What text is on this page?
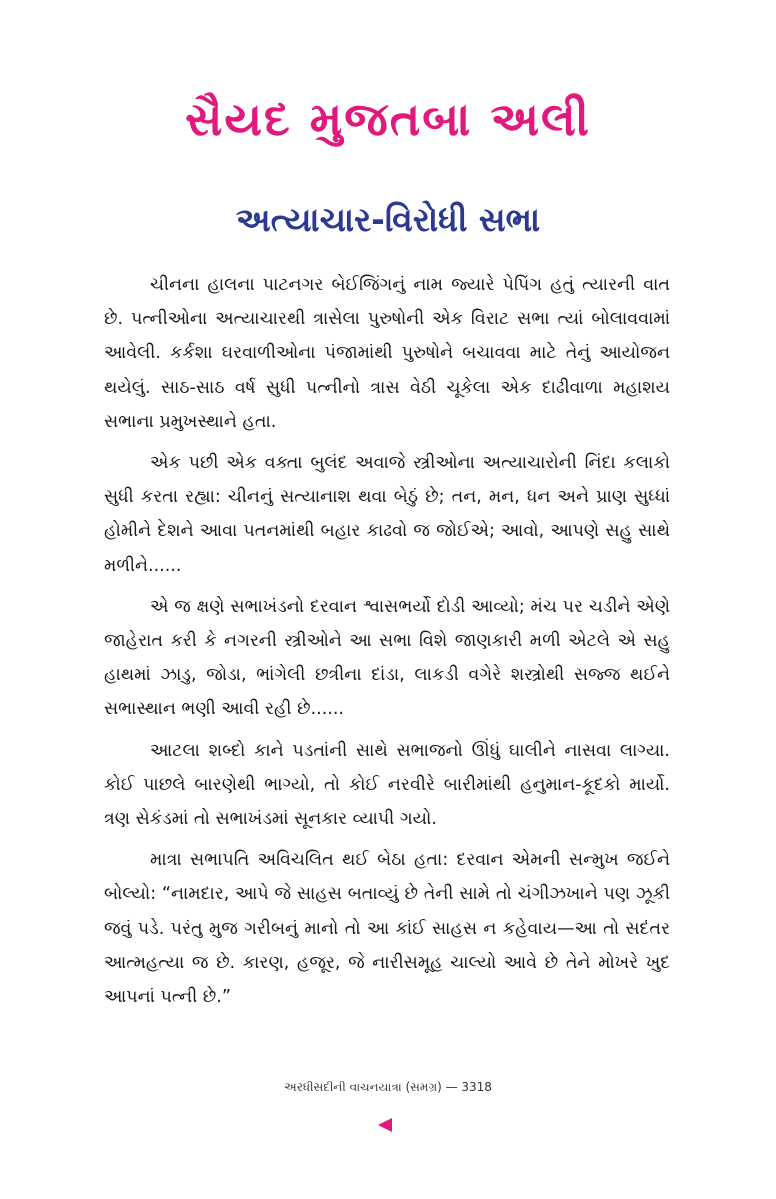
સૈયદ મુજતબા અલી
અત્યાચાર-વિરોધી સભા

ચીનના હાલના પાટનગર બેઈજિંગનું નામ જ્યારે પેપિંગ હતું ત્યારની વાત છે. પત્નીઓના અત્યાચારથી ત્રાસેલા પુરુષોની એક વિરાટ સભા ત્યાં બોલાવવામાં આવેલી. કર્કશા ઘરવાળીઓના પંજામાંથી પુરુષોને બચાવવા માટે તેનું આયોજન થયેલું. સાઠ-સાઠ વર્ષ સુધી પત્નીનો ત્રાસ વેઠી ચૂકેલા એક દાઢીવાળા મહાશય સભાના પ્રમુખસ્થાને હતા.

એક પછી એક વક્તા બુલંદ અવાજે સ્ત્રીઓના અત્યાચારોની નિંદા કલાકો સુધી કરતા રહ્યા: ચીનનું સત્યાનાશ થવા બેઠું છે; તન, મન, ધન અને પ્રાણ સુધ્ધાં હોમીને દેશને આવા પતનમાંથી બહાર કાઢવો જ જોઈએ; આવો, આપણે સહુ સાથે મળીને......

એ જ ક્ષણે સભાખંડનો દરવાન શ્વાસભર્યો દોડી આવ્યો; મંચ પર ચડીને એણે જાહેરાત કરી કે નગરની સ્ત્રીઓને આ સભા વિશે જાણકારી મળી એટલે એ સહુ હાથમાં ઝાડુ, જોડા, ભાંગેલી છત્રીના દાંડા, લાકડી વગેરે શસ્ત્રોથી સજ્જ થઈને સભાસ્થાન ભણી આવી રહી છે......

આટલા શબ્દો કાને પડતાંની સાથે સભાજનો ઊંધું ઘાલીને નાસવા લાગ્યા. કોઈ પાછલે બારણેથી ભાગ્યો, તો કોઈ નરવીરે બારીમાંથી હનુમાન-કૂદકો માર્યો. ત્રણ સેકંડમાં તો સભાખંડમાં સૂનકાર વ્યાપી ગયો.

માત્રા સભાપતિ અવિચલિત થઈ બેઠા હતા: દરવાન એમની સન્મુખ જઈને બોલ્યો: “નામદાર, આપે જે સાહસ બતાવ્યું છે તેની સામે તો ચંગીઝખાને પણ ઝૂકી જવું પડે. પરંતુ મુજ ગરીબનું માનો તો આ કાંઈ સાહસ ન કહેવાય—આ તો સદંતર આત્મહત્યા જ છે. કારણ, હજૂર, જે નારીસમૂહ ચાલ્યો આવે છે તેને મોખરે ખુદ આપનાં પત્ની છે.”

અરધીસદીની વાચનયાત્રા (સમગ્ર) — 3318
